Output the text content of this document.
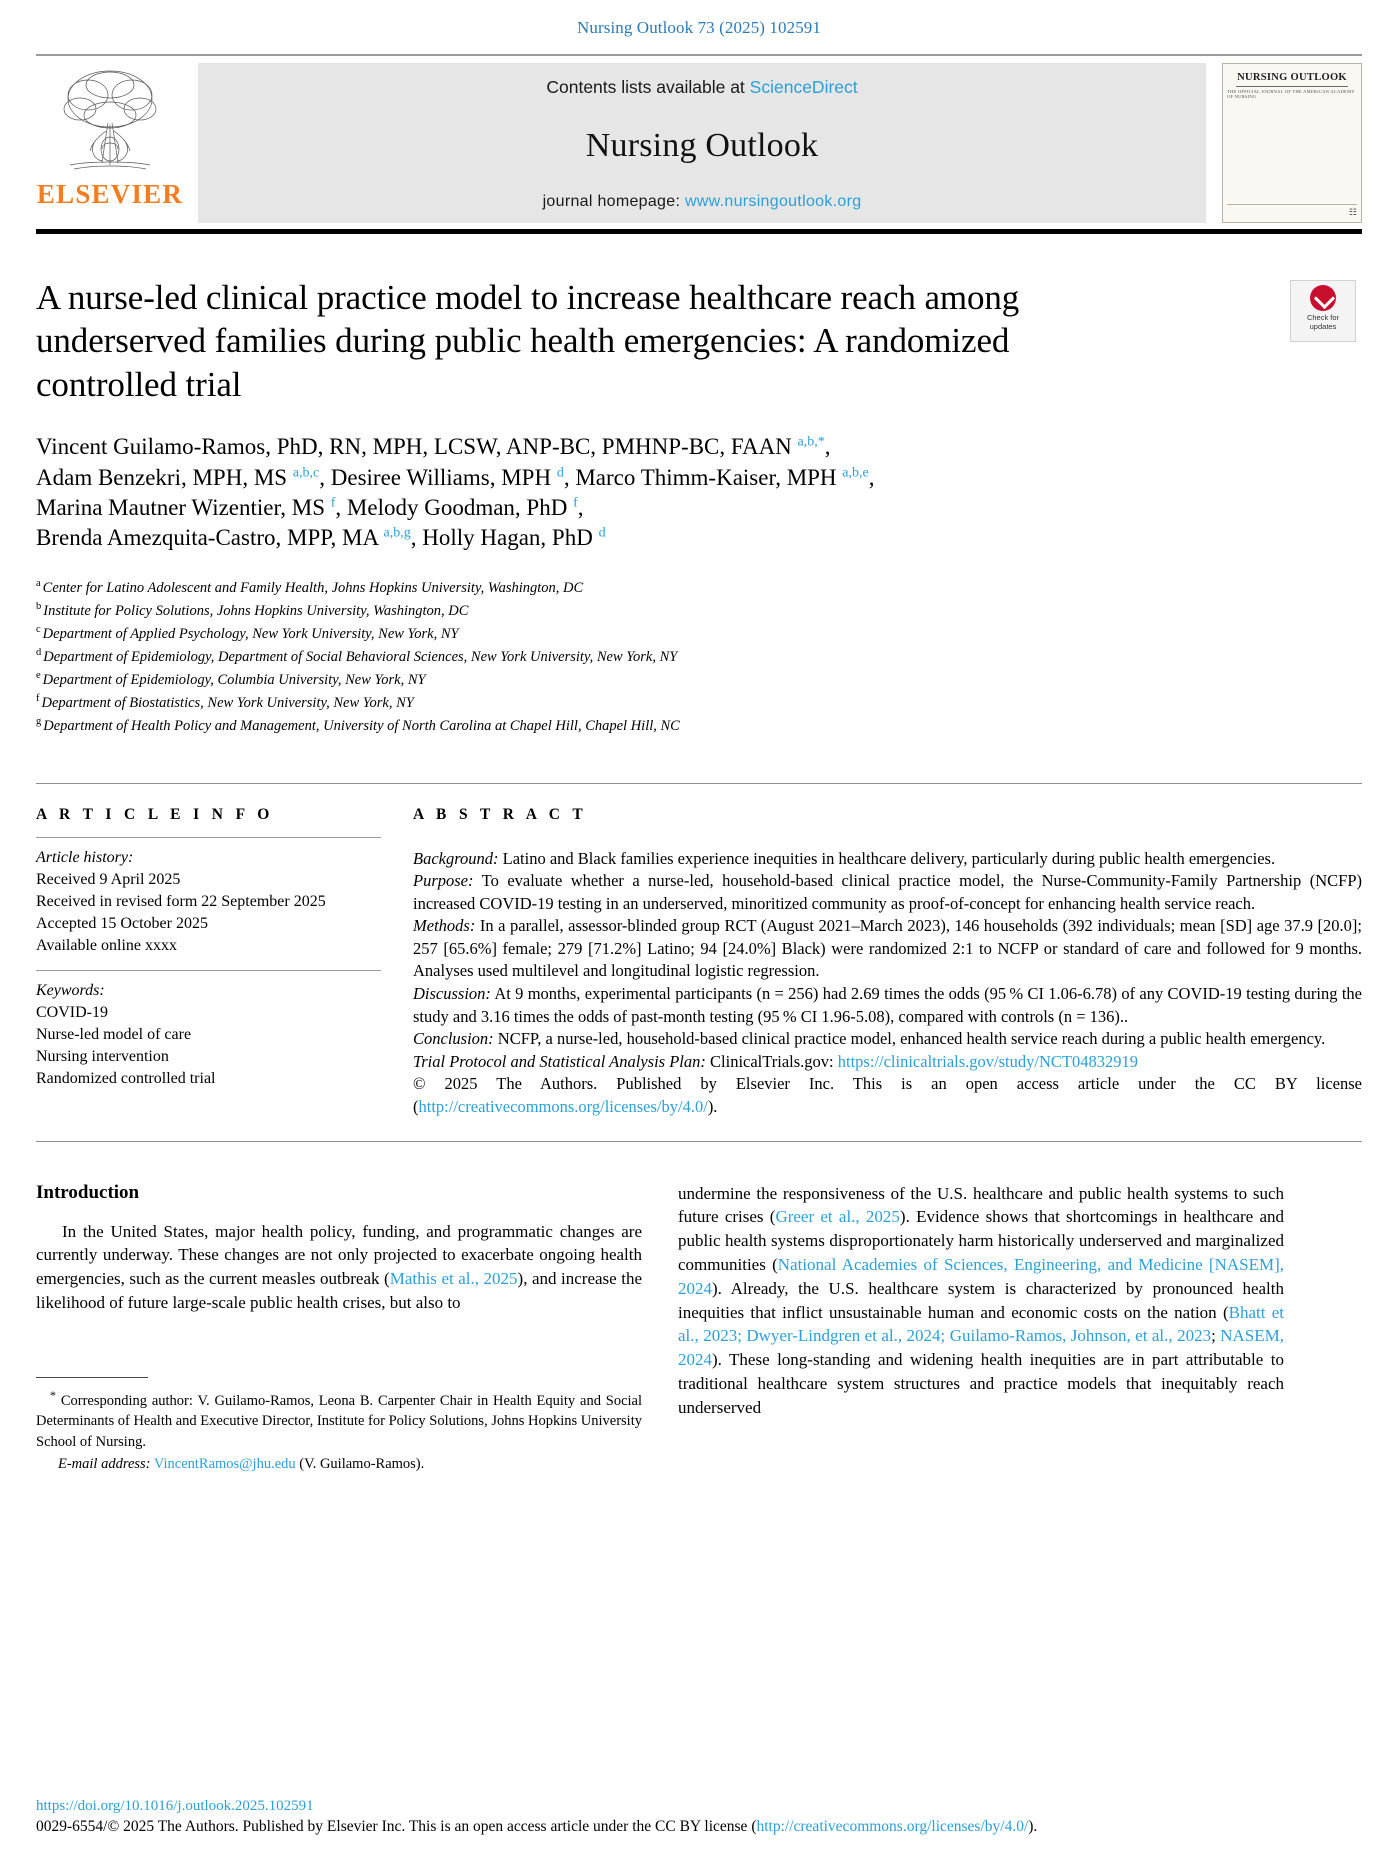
Nursing Outlook 73 (2025) 102591
ELSEVIER
Contents lists available at ScienceDirect
Nursing Outlook
journal homepage: www.nursingoutlook.org
NURSING OUTLOOK
THE OFFICIAL JOURNAL OF THE AMERICAN ACADEMY OF NURSING
☷
A nurse-led clinical practice model to increase healthcare reach among underserved families during public health emergencies: A randomized controlled trial
Check for
updates
Vincent Guilamo-Ramos, PhD, RN, MPH, LCSW, ANP-BC, PMHNP-BC, FAAN $^{a,b,*}$,
Adam Benzekri, MPH, MS $^{a,b,c}$, Desiree Williams, MPH $^d$, Marco Thimm-Kaiser, MPH $^{a,b,e}$,
Marina Mautner Wizentier, MS $^f$, Melody Goodman, PhD $^f$,
Brenda Amezquita-Castro, MPP, MA $^{a,b,g}$, Holly Hagan, PhD $^d$
$^a$ Center for Latino Adolescent and Family Health, Johns Hopkins University, Washington, DC
$^b$ Institute for Policy Solutions, Johns Hopkins University, Washington, DC
$^c$ Department of Applied Psychology, New York University, New York, NY
$^d$ Department of Epidemiology, Department of Social Behavioral Sciences, New York University, New York, NY
$^e$ Department of Epidemiology, Columbia University, New York, NY
$^f$ Department of Biostatistics, New York University, New York, NY
$^g$ Department of Health Policy and Management, University of North Carolina at Chapel Hill, Chapel Hill, NC
A R T I C L E I N F O
Article history:
Received 9 April 2025
Received in revised form 22 September 2025
Accepted 15 October 2025
Available online xxxx
Keywords:
COVID-19
Nurse-led model of care
Nursing intervention
Randomized controlled trial
A B S T R A C T

Background: Latino and Black families experience inequities in healthcare delivery, particularly during public health emergencies.

Purpose: To evaluate whether a nurse-led, household-based clinical practice model, the Nurse-Community-Family Partnership (NCFP) increased COVID-19 testing in an underserved, minoritized community as proof-of-concept for enhancing health service reach.

Methods: In a parallel, assessor-blinded group RCT (August 2021–March 2023), 146 households (392 individuals; mean [SD] age 37.9 [20.0]; 257 [65.6%] female; 279 [71.2%] Latino; 94 [24.0%] Black) were randomized 2:1 to NCFP or standard of care and followed for 9 months. Analyses used multilevel and longitudinal logistic regression.

Discussion: At 9 months, experimental participants (n = 256) had 2.69 times the odds (95 % CI 1.06-6.78) of any COVID-19 testing during the study and 3.16 times the odds of past-month testing (95 % CI 1.96-5.08), compared with controls (n = 136)..

Conclusion: NCFP, a nurse-led, household-based clinical practice model, enhanced health service reach during a public health emergency.

Trial Protocol and Statistical Analysis Plan: ClinicalTrials.gov: https://clinicaltrials.gov/study/NCT04832919

© 2025 The Authors. Published by Elsevier Inc. This is an open access article under the CC BY license (http://creativecommons.org/licenses/by/4.0/).

Introduction

In the United States, major health policy, funding, and programmatic changes are currently underway. These changes are not only projected to exacerbate ongoing health emergencies, such as the current measles outbreak (Mathis et al., 2025), and increase the likelihood of future large-scale public health crises, but also to

* Corresponding author: V. Guilamo-Ramos, Leona B. Carpenter Chair in Health Equity and Social Determinants of Health and Executive Director, Institute for Policy Solutions, Johns Hopkins University School of Nursing.
E-mail address: VincentRamos@jhu.edu (V. Guilamo-Ramos).

undermine the responsiveness of the U.S. healthcare and public health systems to such future crises (Greer et al., 2025). Evidence shows that shortcomings in healthcare and public health systems disproportionately harm historically underserved and marginalized communities (National Academies of Sciences, Engineering, and Medicine [NASEM], 2024). Already, the U.S. healthcare system is characterized by pronounced health inequities that inflict unsustainable human and economic costs on the nation (Bhatt et al., 2023; Dwyer-Lindgren et al., 2024; Guilamo-Ramos, Johnson, et al., 2023; NASEM, 2024). These long-standing and widening health inequities are in part attributable to traditional healthcare system structures and practice models that inequitably reach underserved

https://doi.org/10.1016/j.outlook.2025.102591
0029-6554/© 2025 The Authors. Published by Elsevier Inc. This is an open access article under the CC BY license (http://creativecommons.org/licenses/by/4.0/).
